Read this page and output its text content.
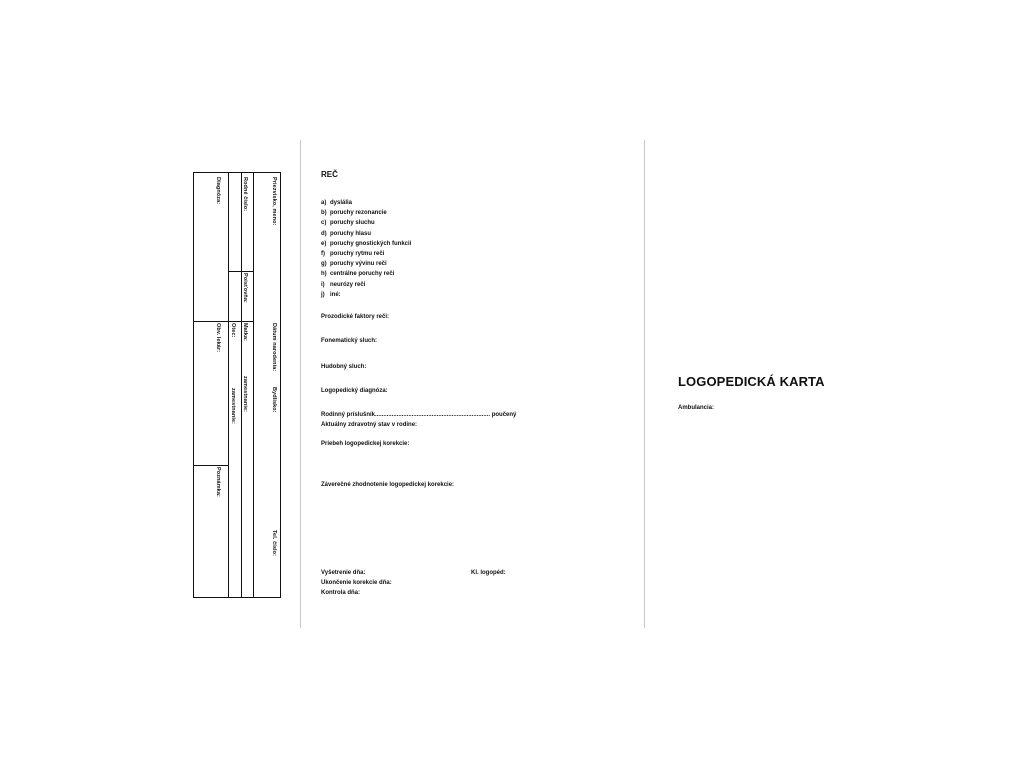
Priezvisko, meno:
Rodné číslo:
Poisťovňa:
Diagnóza:
Dátum narodenia:
Matka:
Otec:
Obv. lekár:
Bydlisko:
zamestnanie:
zamestnanie:
Poznámka:
Tel. číslo:
REČ
a) dyslália
b) poruchy rezonancie
c) poruchy sluchu
d) poruchy hlasu
e) poruchy gnostických funkcií
f) poruchy rytmu reči
g) poruchy vývinu reči
h) centrálne poruchy reči
i) neurózy reči
j) iné:
Prozodické faktory reči:
Fonematický sluch:
Hudobný sluch:
Logopedický diagnóza:
Rodinný príslušník..................................................................... poučený
Aktuálny zdravotný stav v rodine:
Priebeh logopedickej korekcie:
Záverečné zhodnotenie logopedickej korekcie:
Vyšetrenie dňa:	Kl. logopéd:
Ukončenie korekcie dňa:
Kontrola dňa:
LOGOPEDICKÁ KARTA
Ambulancia:
